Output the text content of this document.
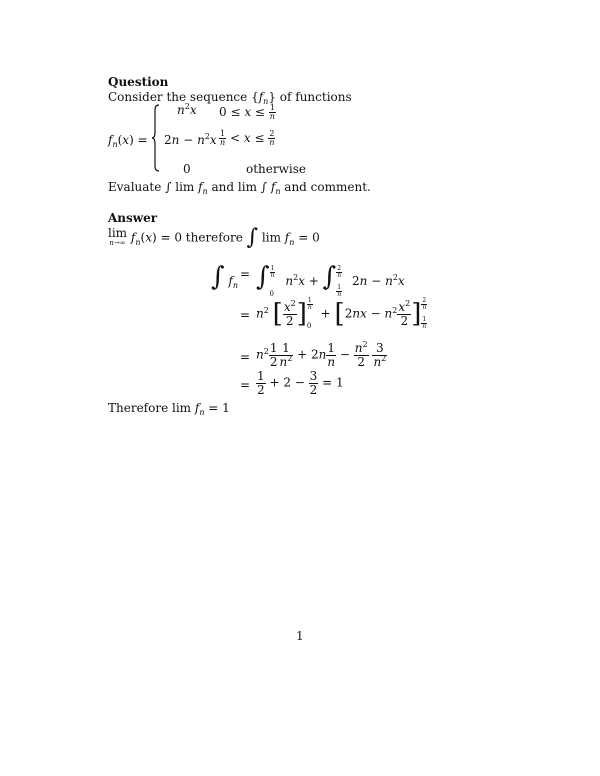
Question
Consider the sequence $\{f_n\}$ of functions
$f_n(x)$ =
$n^2x$ $0 \le x \le \frac{1}{n}$
$2n - n^2x \frac{1}{n} < x \le \frac{2}{n}$
0	otherwise
Evaluate ∫ $\lim f_n$ and lim ∫ $f_n$ and comment.
Answer
lim
n→∞ $f_n(x) = 0$ therefore ∫ $\lim f_n = 0$
∫ $f_n$
= ∫ $\frac{1}{n}$
0
$n^2x$ + ∫ $\frac{2}{n}$
$\frac{1}{n}$
$2n - n^2x$
= $n^2$ [ $\frac{x^2}{2}$ ] $\frac{1}{n}$
0
+ [$2nx - n^2 \frac{x^2}{2}$ ] $\frac{2}{n}$
$\frac{1}{n}$
= $n^2 \frac{1}{2} \frac{1}{n^2} + 2n \frac{1}{n} - \frac{n^2}{2}$
$\frac{3}{n^2}$
= $\frac{1}{2} + 2 - \frac{3}{2} = 1$
Therefore $\lim f_n = 1$
1
